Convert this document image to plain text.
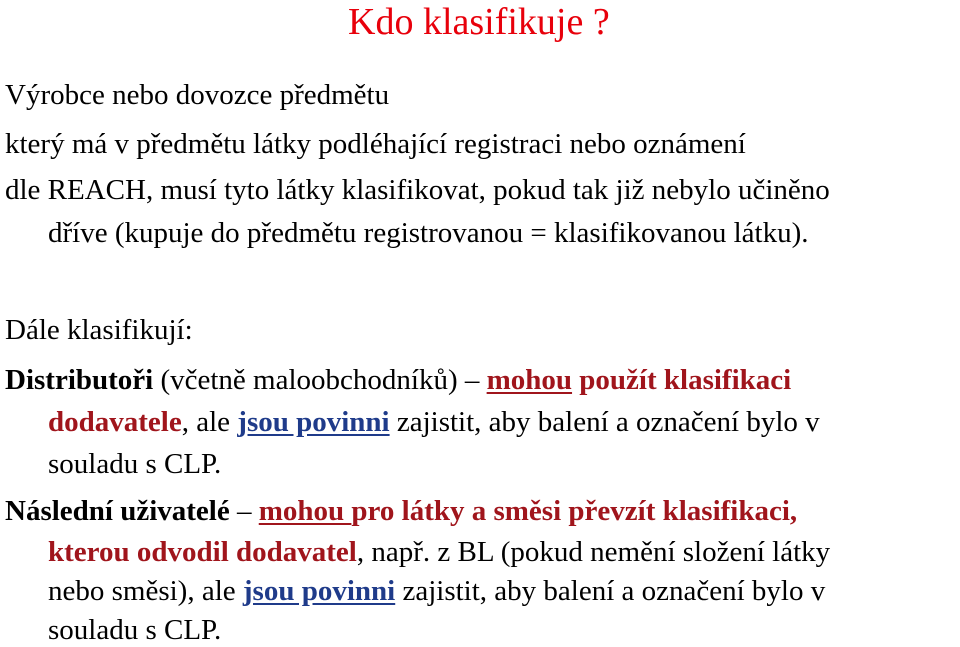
Kdo klasifikuje ?
Výrobce nebo dovozce předmětu
který má v předmětu látky podléhající registraci nebo oznámení
dle REACH, musí tyto látky klasifikovat, pokud tak již nebylo učiněno
dříve (kupuje do předmětu registrovanou = klasifikovanou látku).
Dále klasifikují:
Distributoři (včetně maloobchodníků) – mohou použít klasifikaci
dodavatele, ale jsou povinni zajistit, aby balení a označení bylo v
souladu s CLP.
Následní uživatelé – mohou pro látky a směsi převzít klasifikaci,
kterou odvodil dodavatel, např. z BL (pokud nemění složení látky
nebo směsi), ale jsou povinni zajistit, aby balení a označení bylo v
souladu s CLP.
